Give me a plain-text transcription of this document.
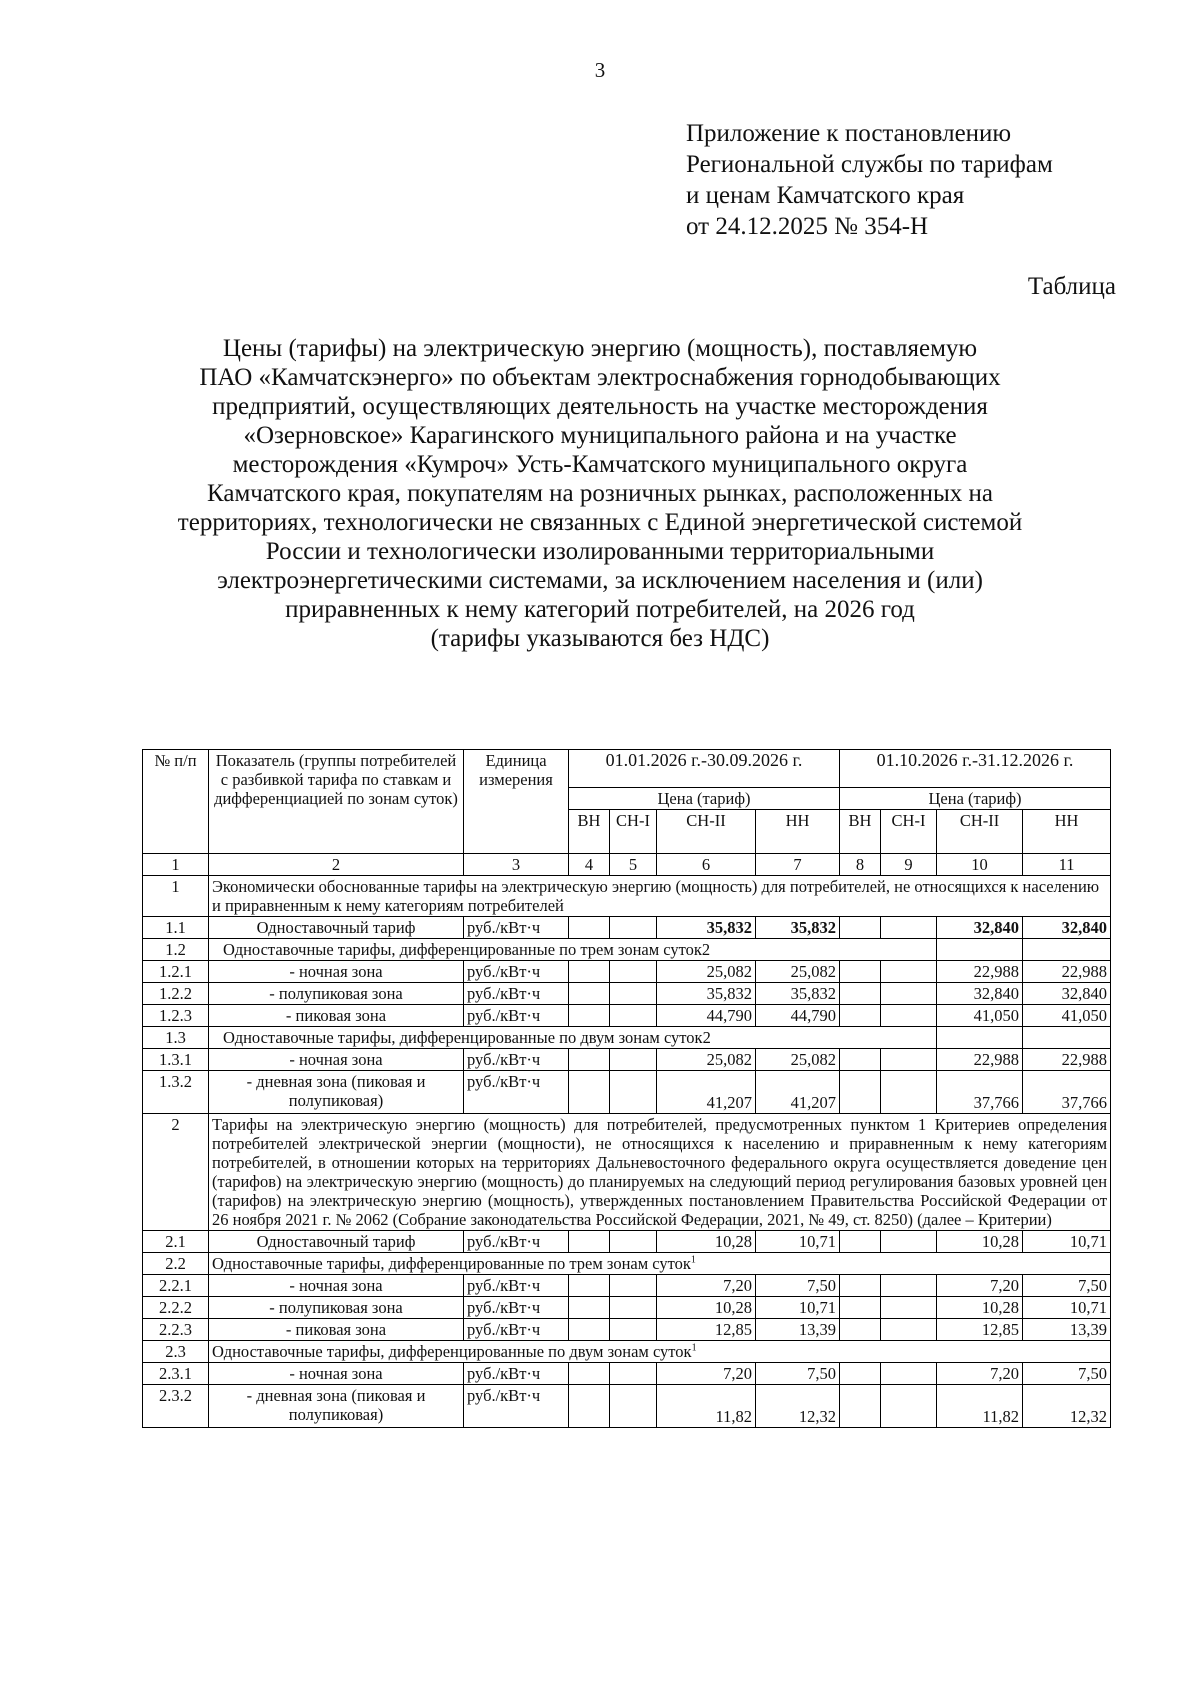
3
Приложение к постановлению
Региональной службы по тарифам
и ценам Камчатского края
от 24.12.2025 № 354-Н
Таблица
Цены (тарифы) на электрическую энергию (мощность), поставляемую
ПАО «Камчатскэнерго» по объектам электроснабжения горнодобывающих
предприятий, осуществляющих деятельность на участке месторождения
«Озерновское» Карагинского муниципального района и на участке
месторождения «Кумроч» Усть-Камчатского муниципального округа
Камчатского края, покупателям на розничных рынках, расположенных на
территориях, технологически не связанных с Единой энергетической системой
России и технологически изолированными территориальными
электроэнергетическими системами, за исключением населения и (или)
приравненных к нему категорий потребителей, на 2026 год
(тарифы указываются без НДС)
№ п/п	Показатель (группы потребителей с разбивкой тарифа по ставкам и дифференциацией по зонам суток)	Единица измерения	01.01.2026 г.-30.09.2026 г.				01.10.2026 г.-31.12.2026 г.			
			Цена (тариф)				Цена (тариф)			
			ВН	СН-I	СН-II	НН	ВН	СН-I	СН-II	НН
1	2	3	4	5	6	7	8	9	10	11
1	Экономически обоснованные тарифы на электрическую энергию (мощность) для потребителей, не относящихся к населению и приравненным к нему категориям потребителей									
1.1	Одноставочный тариф	руб./кВт·ч			35,832	35,832			32,840	32,840
1.2	Одноставочные тарифы, дифференцированные по трем зонам суток2									
1.2.1	- ночная зона	руб./кВт·ч			25,082	25,082			22,988	22,988
1.2.2	- полупиковая зона	руб./кВт·ч			35,832	35,832			32,840	32,840
1.2.3	- пиковая зона	руб./кВт·ч			44,790	44,790			41,050	41,050
1.3	Одноставочные тарифы, дифференцированные по двум зонам суток2									
1.3.1	- ночная зона	руб./кВт·ч			25,082	25,082			22,988	22,988
1.3.2	- дневная зона (пиковая и полупиковая)	руб./кВт·ч			41,207	41,207			37,766	37,766
2	Тарифы на электрическую энергию (мощность) для потребителей, предусмотренных пунктом 1 Критериев определения потребителей электрической энергии (мощности), не относящихся к населению и приравненным к нему категориям потребителей, в отношении которых на территориях Дальневосточного федерального округа осуществляется доведение цен (тарифов) на электрическую энергию (мощность) до планируемых на следующий период регулирования базовых уровней цен (тарифов) на электрическую энергию (мощность), утвержденных постановлением Правительства Российской Федерации от 26 ноября 2021 г. № 2062 (Собрание законодательства Российской Федерации, 2021, № 49, ст. 8250) (далее – Критерии)									
2.1	Одноставочный тариф	руб./кВт·ч			10,28	10,71			10,28	10,71
2.2	Одноставочные тарифы, дифференцированные по трем зонам суток$^1$
2.2.1	- ночная зона	руб./кВт·ч			7,20	7,50			7,20	7,50
2.2.2	- полупиковая зона	руб./кВт·ч			10,28	10,71			10,28	10,71
2.2.3	- пиковая зона	руб./кВт·ч			12,85	13,39			12,85	13,39
2.3	Одноставочные тарифы, дифференцированные по двум зонам суток$^1$
2.3.1	- ночная зона	руб./кВт·ч			7,20	7,50			7,20	7,50
2.3.2	- дневная зона (пиковая и полупиковая)	руб./кВт·ч			11,82	12,32			11,82	12,32
